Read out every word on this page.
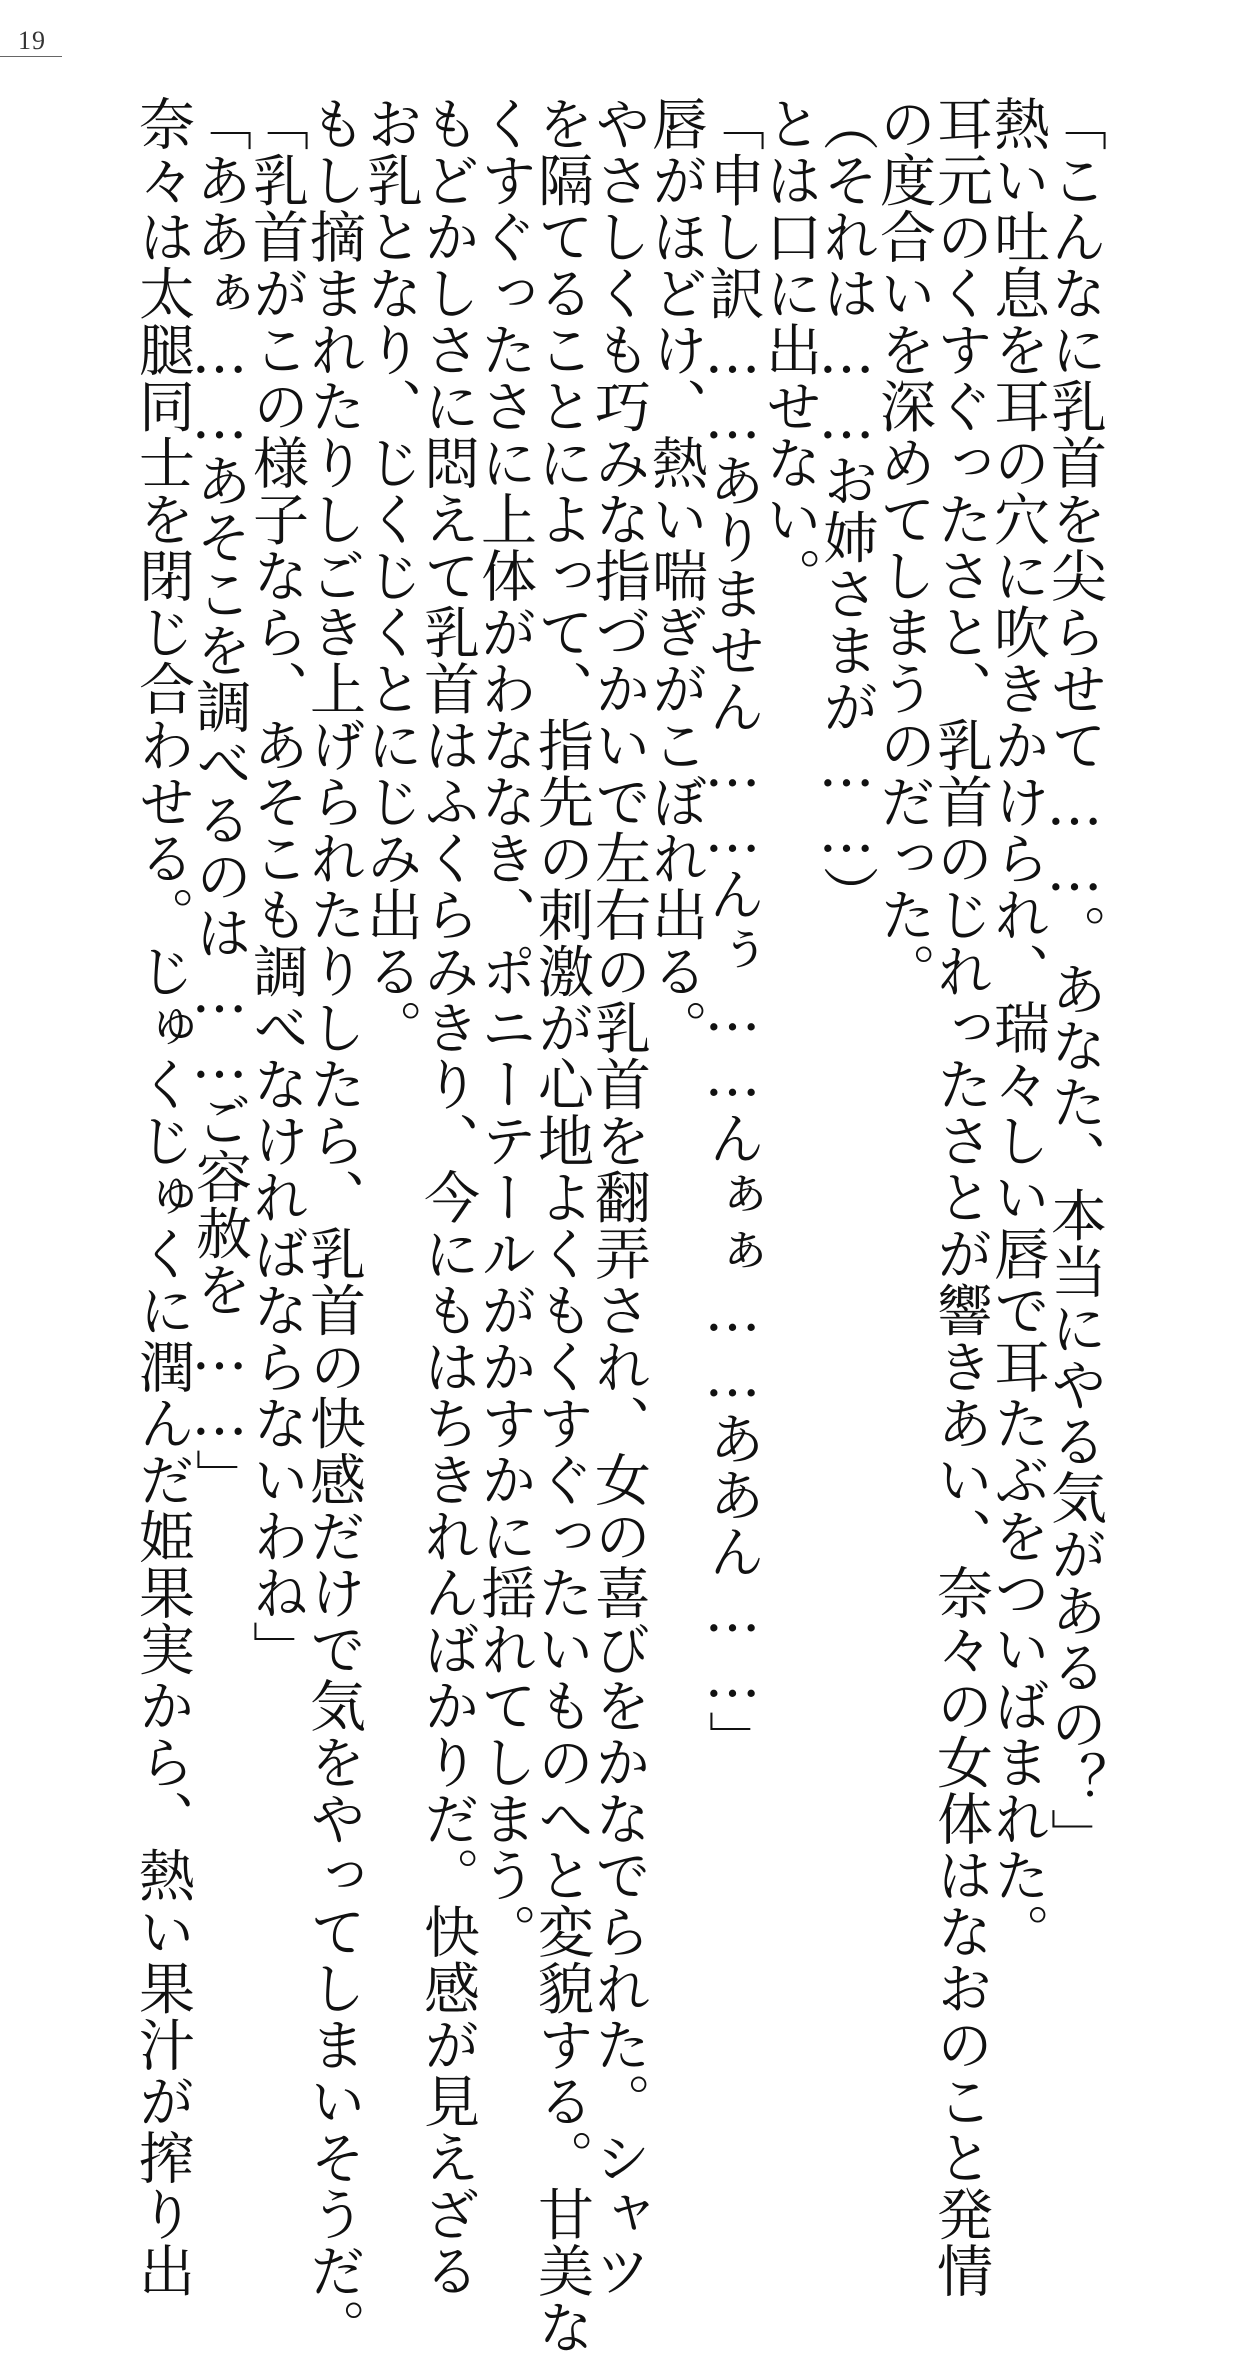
19
「こんなに乳首を尖らせて……。あなた、本当にやる気があるの？」
熱い吐息を耳の穴に吹きかけられ、瑞々しい唇で耳たぶをついばまれた。
耳元のくすぐったさと、乳首のじれったさとが響きあい、奈々の女体はなおのこと発情
の度合いを深めてしまうのだった。
（それは……お姉さまが……）
とは口に出せない。
「申し訳……ありません……んぅ……んぁぁ……ああん……」
唇がほどけ、熱い喘ぎがこぼれ出る。
やさしくも巧みな指づかいで左右の乳首を翻弄され、女の喜びをかなでられた。シャツ
を隔てることによって、指先の刺激が心地よくもくすぐったいものへと変貌する。甘美な
くすぐったさに上体がわななき、ポニーテールがかすかに揺れてしまう。
もどかしさに悶えて乳首はふくらみきり、今にもはちきれんばかりだ。快感が見えざる
お乳となり、じくじくとにじみ出る。
もし摘まれたりしごき上げられたりしたら、乳首の快感だけで気をやってしまいそうだ。
「乳首がこの様子なら、あそこも調べなければならないわね」
「ああぁ……あそこを調べるのは……ご容赦を……」
奈々は太腿同士を閉じ合わせる。じゅくじゅくに潤んだ姫果実から、熱い果汁が搾り出
